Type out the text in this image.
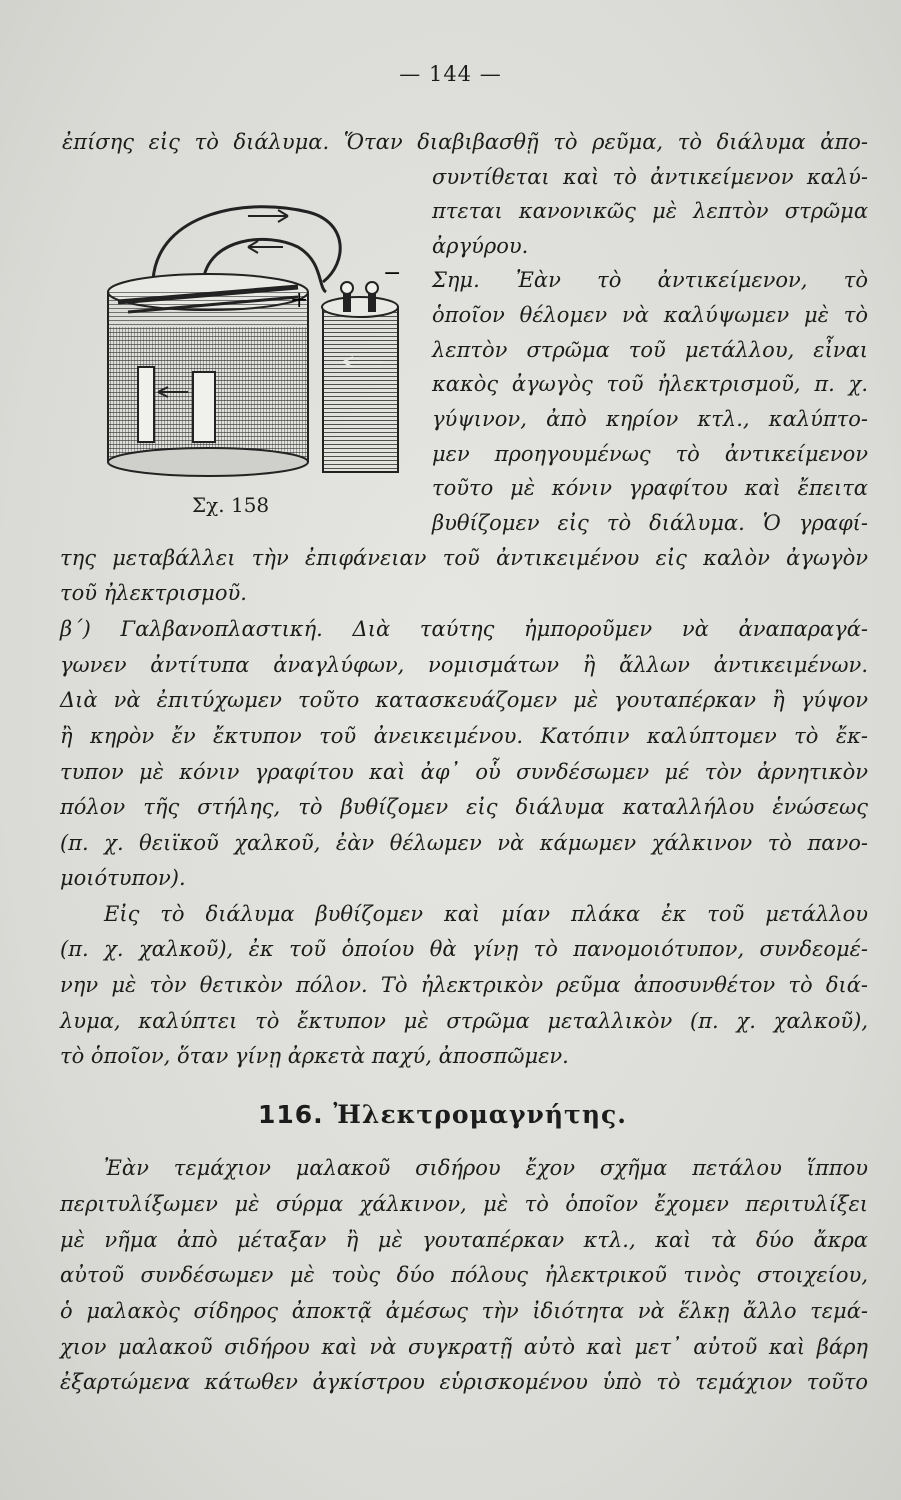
— 144 —
+
−
Σχ. 158
ἐπίσης εἰς τὸ διάλυμα. Ὅταν διαβιβασθῇ τὸ ρεῦμα, τὸ διάλυμα ἀπο-
συντίθεται καὶ τὸ ἀντικείμενον καλύ-
πτεται κανονικῶς μὲ λεπτὸν στρῶμα
ἀργύρου.
Σημ. Ἐὰν τὸ ἀντικείμενον, τὸ
ὁποῖον θέλομεν νὰ καλύψωμεν μὲ τὸ
λεπτὸν στρῶμα τοῦ μετάλλου, εἶναι
κακὸς ἀγωγὸς τοῦ ἠλεκτρισμοῦ, π. χ.
γύψινον, ἀπὸ κηρίον κτλ., καλύπτο-
μεν προηγουμένως τὸ ἀντικείμενον
τοῦτο μὲ κόνιν γραφίτου καὶ ἔπειτα
βυθίζομεν εἰς τὸ διάλυμα. Ὁ γραφί-
της μεταβάλλει τὴν ἐπιφάνειαν τοῦ ἀντικειμένου εἰς καλὸν ἀγωγὸν
τοῦ ἠλεκτρισμοῦ.
β΄) Γαλβανοπλαστική. Διὰ ταύτης ἠμποροῦμεν νὰ ἀναπαραγά-
γωνεν ἀντίτυπα ἀναγλύφων, νομισμάτων ἢ ἄλλων ἀντικειμένων.
Διὰ νὰ ἐπιτύχωμεν τοῦτο κατασκευάζομεν μὲ γουταπέρκαν ἢ γύψον
ἢ κηρὸν ἔν ἔκτυπον τοῦ ἀνεικειμένου. Κατόπιν καλύπτομεν τὸ ἔκ-
τυπον μὲ κόνιν γραφίτου καὶ ἀφ᾽ οὗ συνδέσωμεν μέ τὸν ἀρνητικὸν
πόλον τῆς στήλης, τὸ βυθίζομεν εἰς διάλυμα καταλλήλου ἑνώσεως
(π. χ. θειϊκοῦ χαλκοῦ, ἐὰν θέλωμεν νὰ κάμωμεν χάλκινον τὸ πανο-
μοιότυπον).
Εἰς τὸ διάλυμα βυθίζομεν καὶ μίαν πλάκα ἐκ τοῦ μετάλλου
(π. χ. χαλκοῦ), ἐκ τοῦ ὁποίου θὰ γίνῃ τὸ πανομοιότυπον, συνδεομέ-
νην μὲ τὸν θετικὸν πόλον. Τὸ ἠλεκτρικὸν ρεῦμα ἀποσυνθέτον τὸ διά-
λυμα, καλύπτει τὸ ἔκτυπον μὲ στρῶμα μεταλλικὸν (π. χ. χαλκοῦ),
τὸ ὁποῖον, ὅταν γίνῃ ἀρκετὰ παχύ, ἀποσπῶμεν.
116. Ἠλεκτρομαγνήτης.
Ἐὰν τεμάχιον μαλακοῦ σιδήρου ἔχον σχῆμα πετάλου ἵππου
περιτυλίξωμεν μὲ σύρμα χάλκινον, μὲ τὸ ὁποῖον ἔχομεν περιτυλίξει
μὲ νῆμα ἀπὸ μέταξαν ἢ μὲ γουταπέρκαν κτλ., καὶ τὰ δύο ἄκρα
αὐτοῦ συνδέσωμεν μὲ τοὺς δύο πόλους ἠλεκτρικοῦ τινὸς στοιχείου,
ὁ μαλακὸς σίδηρος ἀποκτᾷ ἀμέσως τὴν ἰδιότητα νὰ ἕλκῃ ἄλλο τεμά-
χιον μαλακοῦ σιδήρου καὶ νὰ συγκρατῇ αὐτὸ καὶ μετ᾽ αὐτοῦ καὶ βάρη
ἐξαρτώμενα κάτωθεν ἀγκίστρου εὑρισκομένου ὑπὸ τὸ τεμάχιον τοῦτο
